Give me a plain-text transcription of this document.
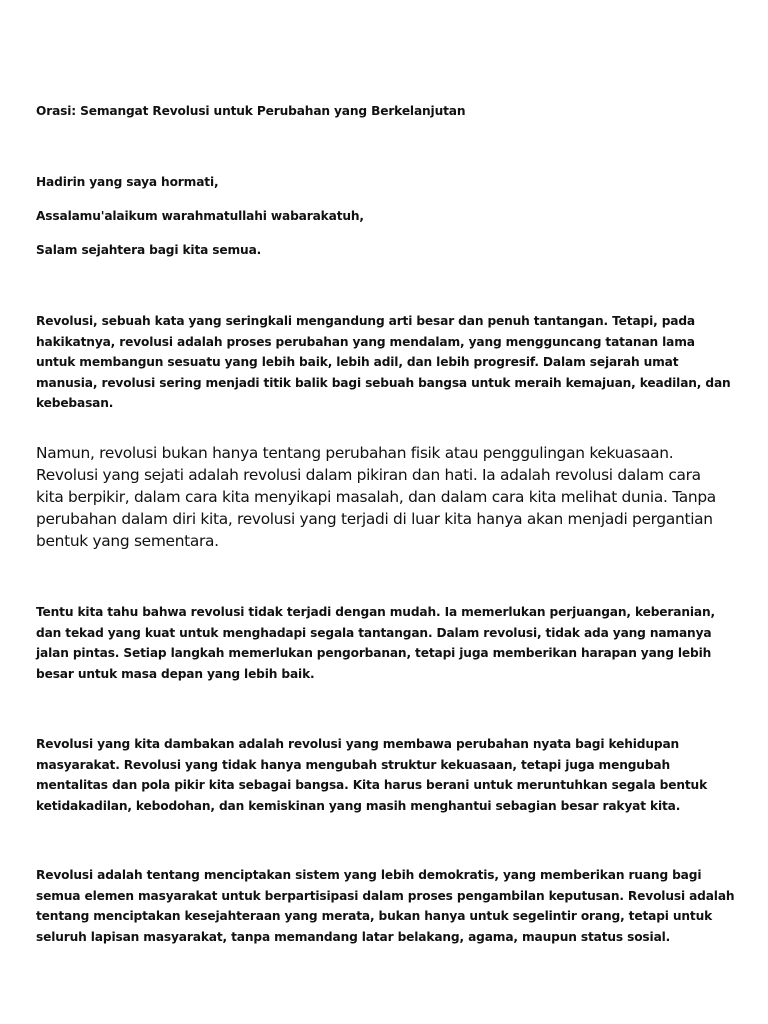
Orasi: Semangat Revolusi untuk Perubahan yang Berkelanjutan

Hadirin yang saya hormati,

Assalamu'alaikum warahmatullahi wabarakatuh,

Salam sejahtera bagi kita semua.

Revolusi, sebuah kata yang seringkali mengandung arti besar dan penuh tantangan. Tetapi, pada hakikatnya, revolusi adalah proses perubahan yang mendalam, yang mengguncang tatanan lama untuk membangun sesuatu yang lebih baik, lebih adil, dan lebih progresif. Dalam sejarah umat manusia, revolusi sering menjadi titik balik bagi sebuah bangsa untuk meraih kemajuan, keadilan, dan kebebasan.

Namun, revolusi bukan hanya tentang perubahan fisik atau penggulingan kekuasaan. Revolusi yang sejati adalah revolusi dalam pikiran dan hati. Ia adalah revolusi dalam cara kita berpikir, dalam cara kita menyikapi masalah, dan dalam cara kita melihat dunia. Tanpa perubahan dalam diri kita, revolusi yang terjadi di luar kita hanya akan menjadi pergantian bentuk yang sementara.

Tentu kita tahu bahwa revolusi tidak terjadi dengan mudah. Ia memerlukan perjuangan, keberanian, dan tekad yang kuat untuk menghadapi segala tantangan. Dalam revolusi, tidak ada yang namanya jalan pintas. Setiap langkah memerlukan pengorbanan, tetapi juga memberikan harapan yang lebih besar untuk masa depan yang lebih baik.

Revolusi yang kita dambakan adalah revolusi yang membawa perubahan nyata bagi kehidupan masyarakat. Revolusi yang tidak hanya mengubah struktur kekuasaan, tetapi juga mengubah mentalitas dan pola pikir kita sebagai bangsa. Kita harus berani untuk meruntuhkan segala bentuk ketidakadilan, kebodohan, dan kemiskinan yang masih menghantui sebagian besar rakyat kita.

Revolusi adalah tentang menciptakan sistem yang lebih demokratis, yang memberikan ruang bagi semua elemen masyarakat untuk berpartisipasi dalam proses pengambilan keputusan. Revolusi adalah tentang menciptakan kesejahteraan yang merata, bukan hanya untuk segelintir orang, tetapi untuk seluruh lapisan masyarakat, tanpa memandang latar belakang, agama, maupun status sosial.
